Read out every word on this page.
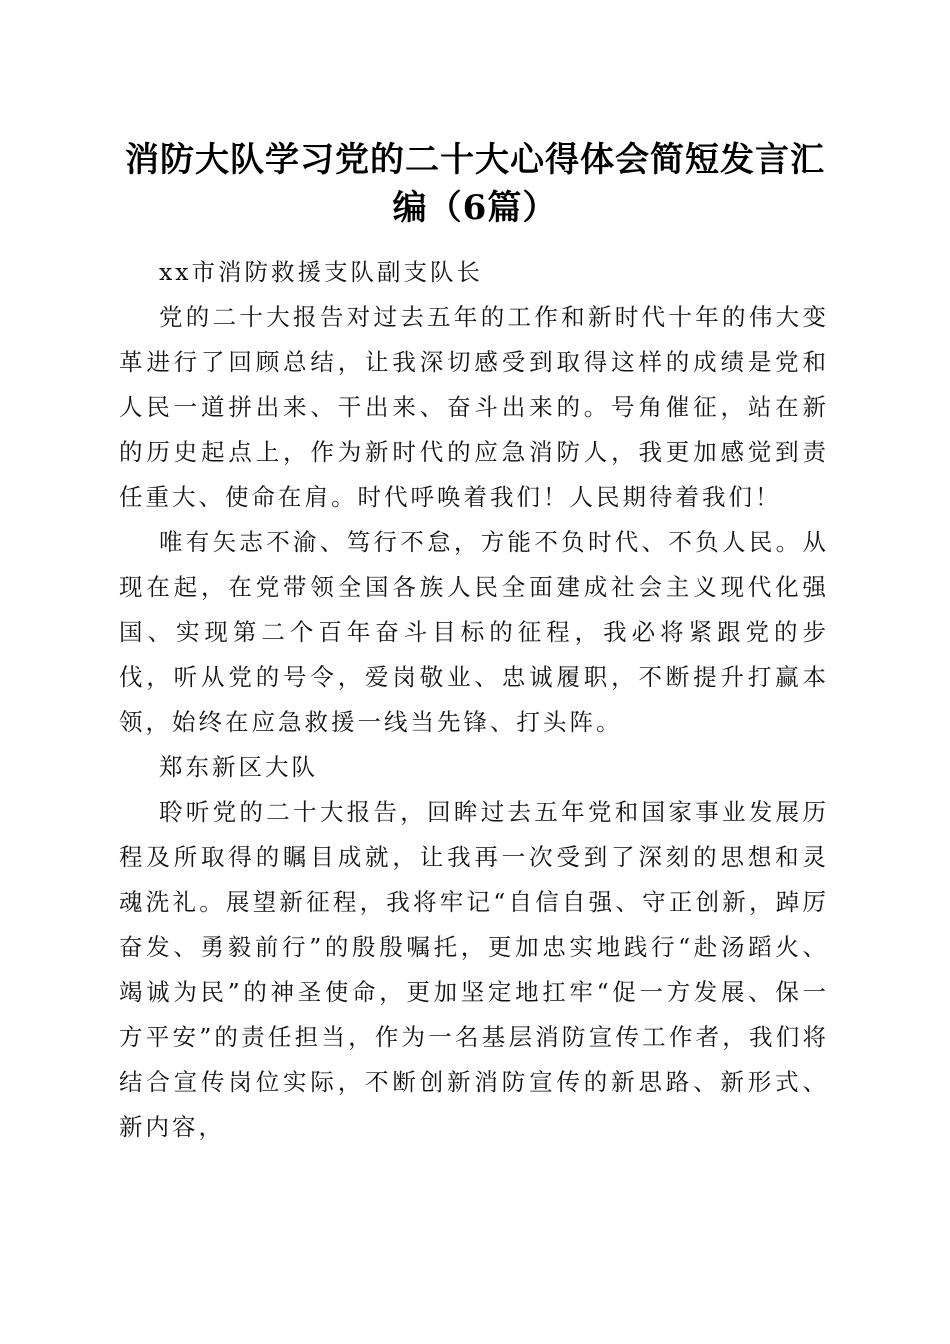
消防大队学习党的二十大心得体会简短发言汇编（6篇）

xx市消防救援支队副支队长

党的二十大报告对过去五年的工作和新时代十年的伟大变革进行了回顾总结，让我深切感受到取得这样的成绩是党和人民一道拼出来、干出来、奋斗出来的。号角催征，站在新的历史起点上，作为新时代的应急消防人，我更加感觉到责任重大、使命在肩。时代呼唤着我们！人民期待着我们！

唯有矢志不渝、笃行不怠，方能不负时代、不负人民。从现在起，在党带领全国各族人民全面建成社会主义现代化强国、实现第二个百年奋斗目标的征程，我必将紧跟党的步伐，听从党的号令，爱岗敬业、忠诚履职，不断提升打赢本领，始终在应急救援一线当先锋、打头阵。

郑东新区大队

聆听党的二十大报告，回眸过去五年党和国家事业发展历程及所取得的瞩目成就，让我再一次受到了深刻的思想和灵魂洗礼。展望新征程，我将牢记“自信自强、守正创新，踔厉奋发、勇毅前行”的殷殷嘱托，更加忠实地践行“赴汤蹈火、竭诚为民”的神圣使命，更加坚定地扛牢“促一方发展、保一方平安”的责任担当，作为一名基层消防宣传工作者，我们将结合宣传岗位实际，不断创新消防宣传的新思路、新形式、新内容，
